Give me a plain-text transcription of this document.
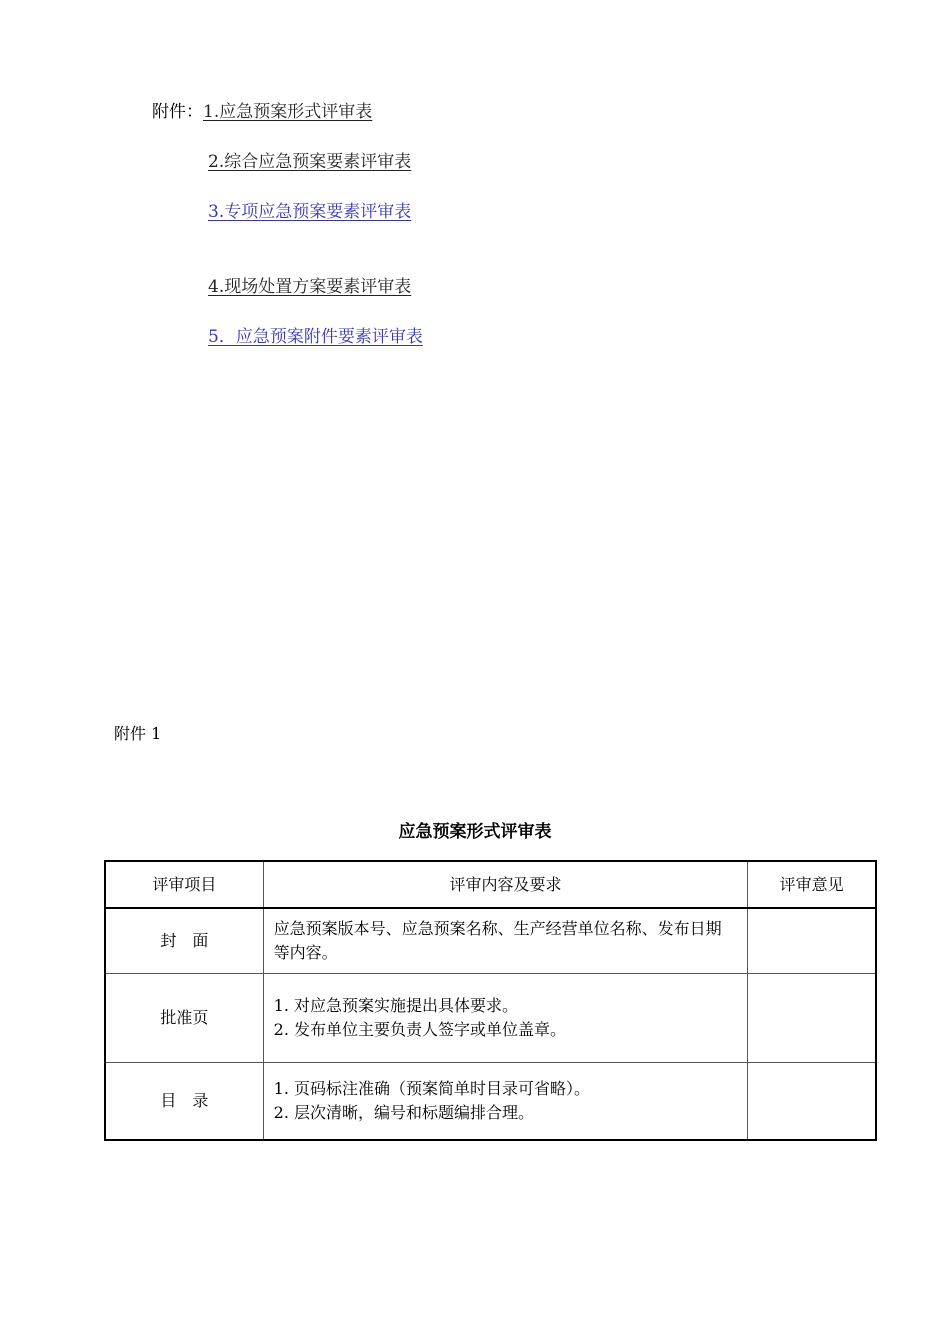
附件： 1.应急预案形式评审表
2.综合应急预案要素评审表
3.专项应急预案要素评审表
4.现场处置方案要素评审表
5．应急预案附件要素评审表
附件 1
应急预案形式评审表
评审项目	评审内容及要求	评审意见
封　面	应急预案版本号、应急预案名称、生产经营单位名称、发布日期等内容。	

批准页	1. 对应急预案实施提出具体要求。
2. 发布单位主要负责人签字或单位盖章。	

目　录	1. 页码标注准确（预案简单时目录可省略）。
2. 层次清晰，编号和标题编排合理。	
